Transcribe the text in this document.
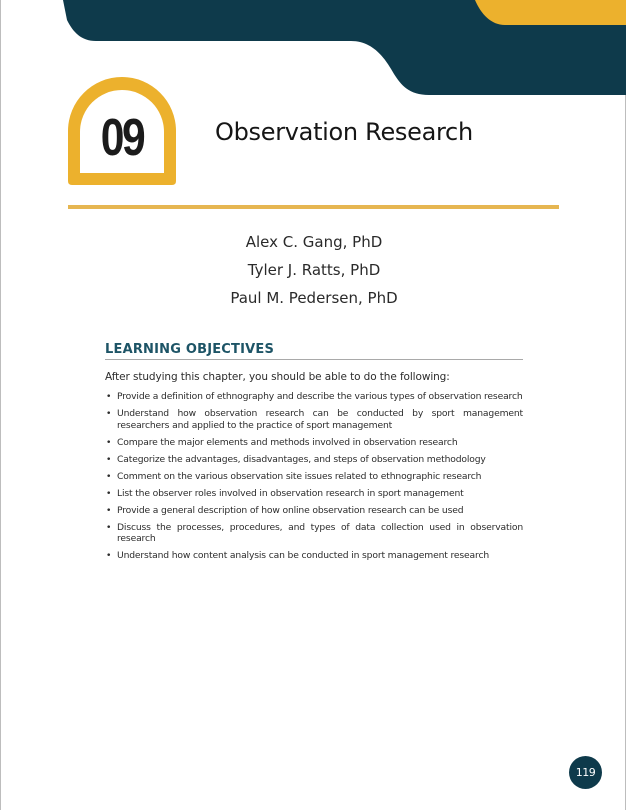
09	Observation Research
Alex C. Gang, PhD
Tyler J. Ratts, PhD
Paul M. Pedersen, PhD
LEARNING OBJECTIVES
After studying this chapter, you should be able to do the following:
• Provide a definition of ethnography and describe the various types of observation research
• Understand how observation research can be conducted by sport management researchers and applied to the practice of sport management
• Compare the major elements and methods involved in observation research
• Categorize the advantages, disadvantages, and steps of observation methodology
• Comment on the various observation site issues related to ethnographic research
• List the observer roles involved in observation research in sport management
• Provide a general description of how online observation research can be used
• Discuss the processes, procedures, and types of data collection used in observation research
• Understand how content analysis can be conducted in sport management research
119
